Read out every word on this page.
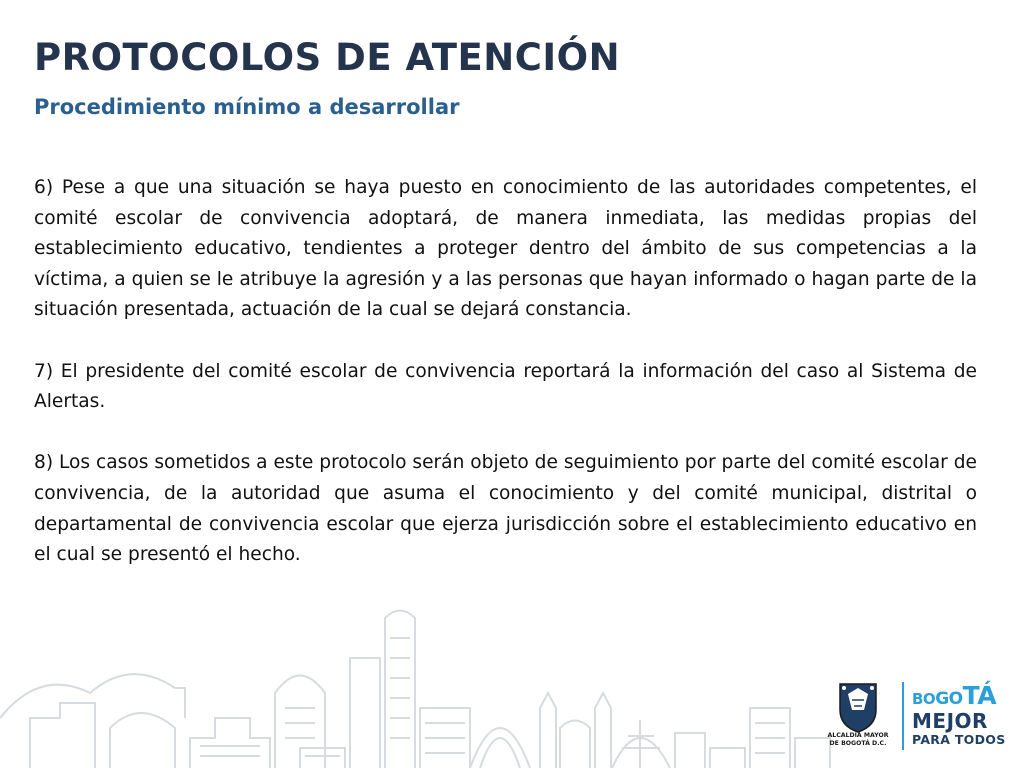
PROTOCOLOS DE ATENCIÓN
Procedimiento mínimo a desarrollar

6) Pese a que una situación se haya puesto en conocimiento de las autoridades competentes, el comité escolar de convivencia adoptará, de manera inmediata, las medidas propias del establecimiento educativo, tendientes a proteger dentro del ámbito de sus competencias a la víctima, a quien se le atribuye la agresión y a las personas que hayan informado o hagan parte de la situación presentada, actuación de la cual se dejará constancia.

7) El presidente del comité escolar de convivencia reportará la información del caso al Sistema de Alertas.

8) Los casos sometidos a este protocolo serán objeto de seguimiento por parte del comité escolar de convivencia, de la autoridad que asuma el conocimiento y del comité municipal, distrital o departamental de convivencia escolar que ejerza jurisdicción sobre el establecimiento educativo en el cual se presentó el hecho.

ALCALDÍA MAYOR
DE BOGOTÁ D.C.
BOGOTÁ
MEJOR
PARA TODOS
